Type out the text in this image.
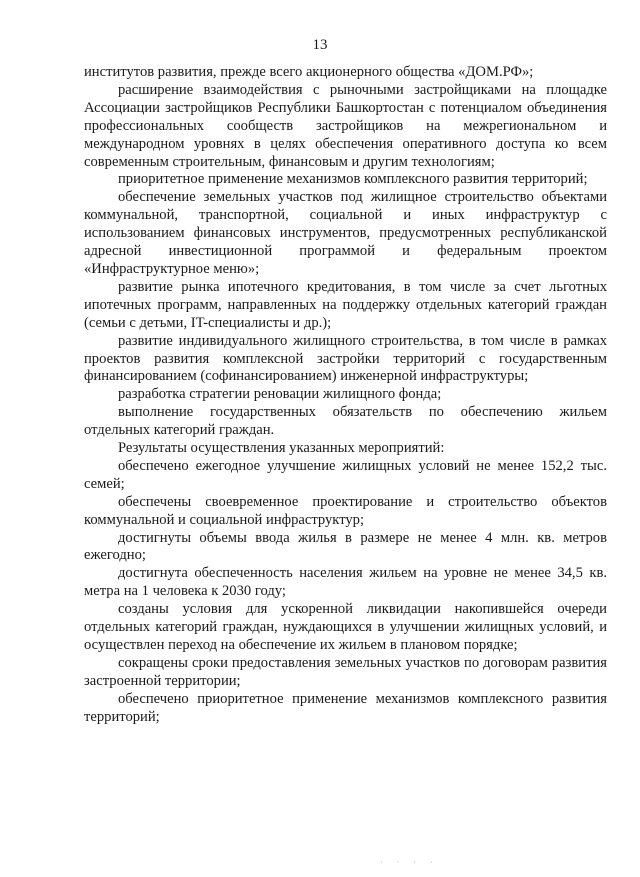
13

институтов развития, прежде всего акционерного общества «ДОМ.РФ»;

расширение взаимодействия с рыночными застройщиками на площадке Ассоциации застройщиков Республики Башкортостан с потенциалом объединения профессиональных сообществ застройщиков на межрегиональном и международном уровнях в целях обеспечения оперативного доступа ко всем современным строительным, финансовым и другим технологиям;

приоритетное применение механизмов комплексного развития территорий;

обеспечение земельных участков под жилищное строительство объектами коммунальной, транспортной, социальной и иных инфраструктур с использованием финансовых инструментов, предусмотренных республиканской адресной инвестиционной программой и федеральным проектом «Инфраструктурное меню»;

развитие рынка ипотечного кредитования, в том числе за счет льготных ипотечных программ, направленных на поддержку отдельных категорий граждан (семьи с детьми, IT-специалисты и др.);

развитие индивидуального жилищного строительства, в том числе в рамках проектов развития комплексной застройки территорий с государственным финансированием (софинансированием) инженерной инфраструктуры;

разработка стратегии реновации жилищного фонда;

выполнение государственных обязательств по обеспечению жильем отдельных категорий граждан.

Результаты осуществления указанных мероприятий:

обеспечено ежегодное улучшение жилищных условий не менее 152,2 тыс. семей;

обеспечены своевременное проектирование и строительство объектов коммунальной и социальной инфраструктур;

достигнуты объемы ввода жилья в размере не менее 4 млн. кв. метров ежегодно;

достигнута обеспеченность населения жильем на уровне не менее 34,5 кв. метра на 1 человека к 2030 году;

созданы условия для ускоренной ликвидации накопившейся очереди отдельных категорий граждан, нуждающихся в улучшении жилищных условий, и осуществлен переход на обеспечение их жильем в плановом порядке;

сокращены сроки предоставления земельных участков по договорам развития застроенной территории;

обеспечено приоритетное применение механизмов комплексного развития территорий;

· · · ·
